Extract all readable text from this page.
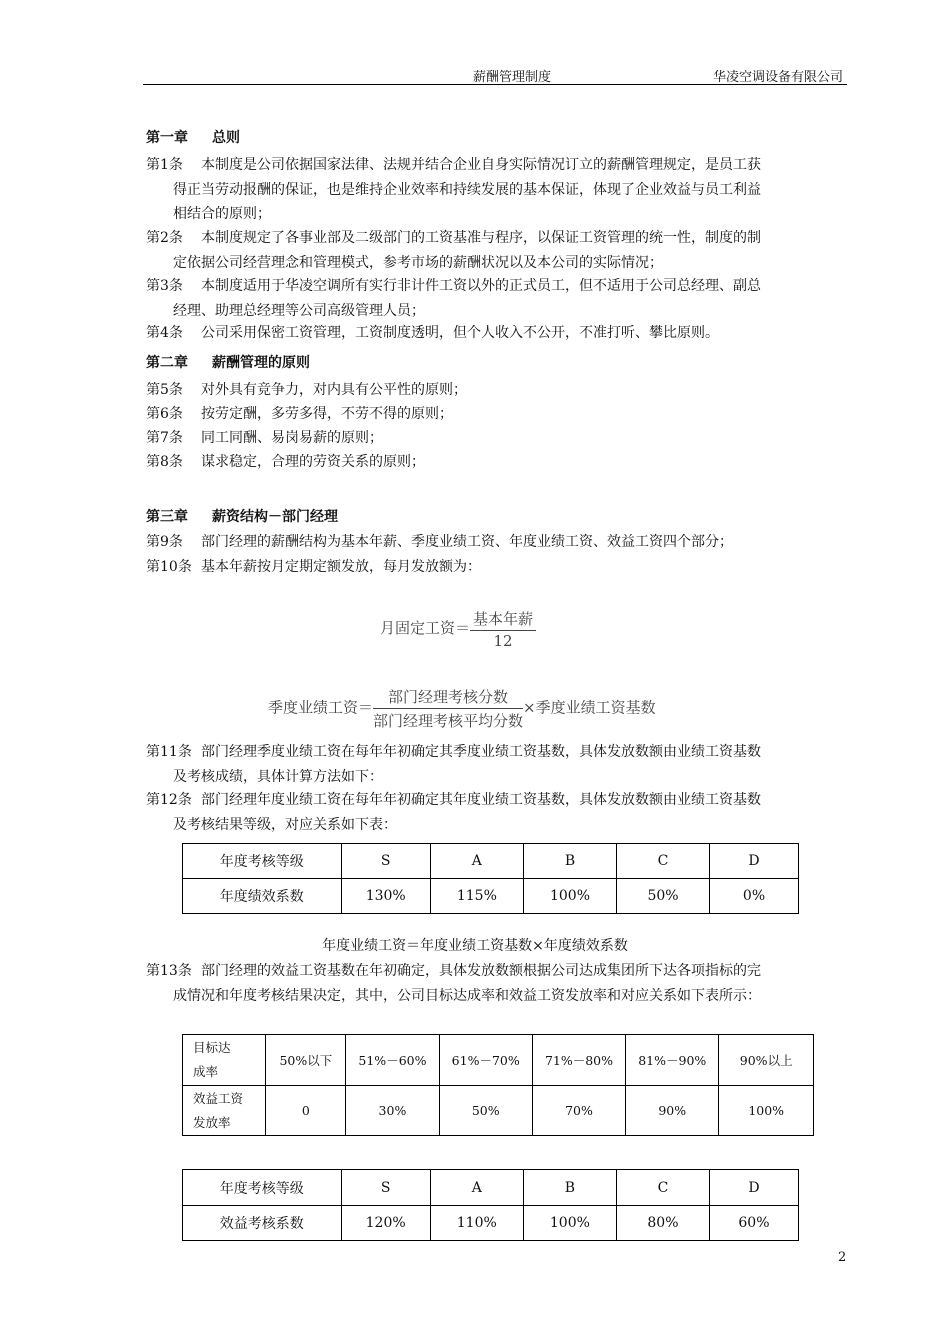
薪酬管理制度	华凌空调设备有限公司
第一章 总则
第1条 本制度是公司依据国家法律、法规并结合企业自身实际情况订立的薪酬管理规定，是员工获
得正当劳动报酬的保证，也是维持企业效率和持续发展的基本保证，体现了企业效益与员工利益
相结合的原则；
第2条 本制度规定了各事业部及二级部门的工资基准与程序，以保证工资管理的统一性，制度的制
定依据公司经营理念和管理模式，参考市场的薪酬状况以及本公司的实际情况；
第3条 本制度适用于华凌空调所有实行非计件工资以外的正式员工，但不适用于公司总经理、副总
经理、助理总经理等公司高级管理人员；
第4条 公司采用保密工资管理，工资制度透明，但个人收入不公开，不准打听、攀比原则。
第二章 薪酬管理的原则
第5条 对外具有竞争力，对内具有公平性的原则；
第6条 按劳定酬，多劳多得，不劳不得的原则；
第7条 同工同酬、易岗易薪的原则；
第8条 谋求稳定，合理的劳资关系的原则；
第三章 薪资结构－部门经理
第9条 部门经理的薪酬结构为基本年薪、季度业绩工资、年度业绩工资、效益工资四个部分；
第10条 基本年薪按月定期定额发放，每月发放额为：
月固定工资＝ $\frac{\text{基本年薪}}{12}$
季度业绩工资＝ $\frac{\text{部门经理考核分数}}{\text{部门经理考核平均分数}}$ ×季度业绩工资基数
第11条 部门经理季度业绩工资在每年年初确定其季度业绩工资基数，具体发放数额由业绩工资基数
及考核成绩，具体计算方法如下：
第12条 部门经理年度业绩工资在每年年初确定其年度业绩工资基数，具体发放数额由业绩工资基数
及考核结果等级，对应关系如下表：
年度考核等级	S	A	B	C	D
年度绩效系数	130%	115%	100%	50%	0%
年度业绩工资＝年度业绩工资基数×年度绩效系数
第13条 部门经理的效益工资基数在年初确定，具体发放数额根据公司达成集团所下达各项指标的完
成情况和年度考核结果决定，其中，公司目标达成率和效益工资发放率和对应关系如下表所示：
目标达
成率	50%以下	51%－60%	61%－70%	71%－80%	81%－90%	90%以上
效益工资
发放率	0	30%	50%	70%	90%	100%
年度考核等级	S	A	B	C	D
效益考核系数	120%	110%	100%	80%	60%
2
